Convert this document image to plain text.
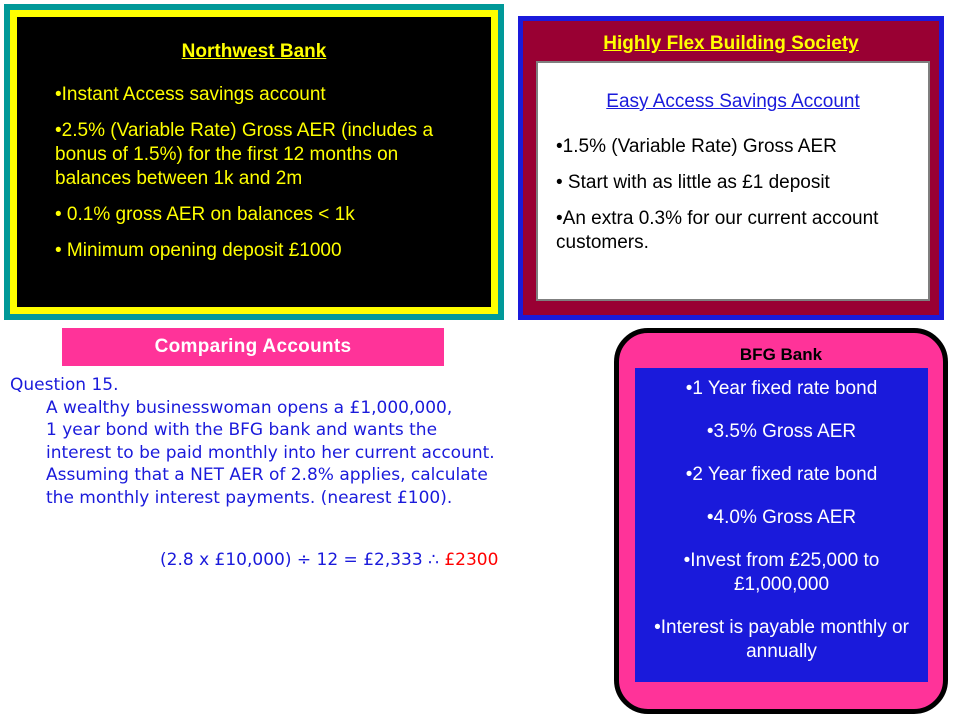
Northwest Bank

•Instant Access savings account

•2.5% (Variable Rate) Gross AER (includes a bonus of 1.5%) for the first 12 months on balances between 1k and 2m

• 0.1% gross AER on balances < 1k

• Minimum opening deposit £1000

Highly Flex Building Society
Easy Access Savings Account

•1.5% (Variable Rate) Gross AER

• Start with as little as £1 deposit

•An extra 0.3% for our current account customers.

Comparing Accounts
Question 15.
A wealthy businesswoman opens a £1,000,000,
1 year bond with the BFG bank and wants the
interest to be paid monthly into her current account.
Assuming that a NET AER of 2.8% applies, calculate
the monthly interest payments. (nearest £100).
(2.8 x £10,000) ÷ 12 = £2,333 ∴ £2300
BFG Bank

•1 Year fixed rate bond

•3.5% Gross AER

•2 Year fixed rate bond

•4.0% Gross AER

•Invest from £25,000 to £1,000,000

•Interest is payable monthly or annually
